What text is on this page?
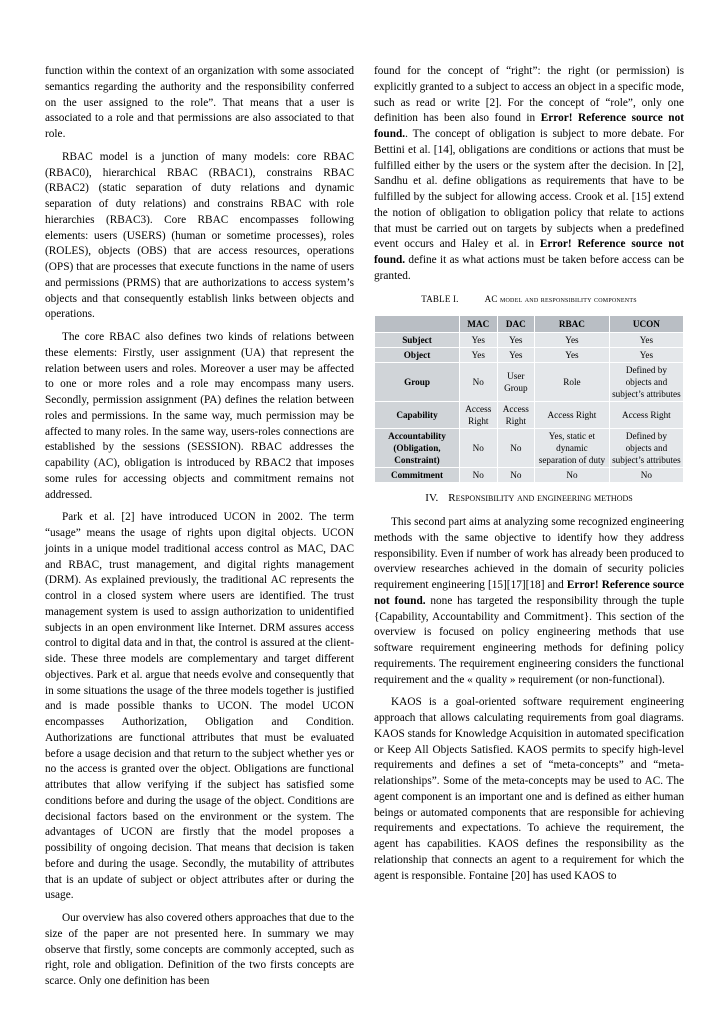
function within the context of an organization with some associated semantics regarding the authority and the responsibility conferred on the user assigned to the role”. That means that a user is associated to a role and that permissions are also associated to that role.

RBAC model is a junction of many models: core RBAC (RBAC0), hierarchical RBAC (RBAC1), constrains RBAC (RBAC2) (static separation of duty relations and dynamic separation of duty relations) and constrains RBAC with role hierarchies (RBAC3). Core RBAC encompasses following elements: users (USERS) (human or sometime processes), roles (ROLES), objects (OBS) that are access resources, operations (OPS) that are processes that execute functions in the name of users and permissions (PRMS) that are authorizations to access system’s objects and that consequently establish links between objects and operations.

The core RBAC also defines two kinds of relations between these elements: Firstly, user assignment (UA) that represent the relation between users and roles. Moreover a user may be affected to one or more roles and a role may encompass many users. Secondly, permission assignment (PA) defines the relation between roles and permissions. In the same way, much permission may be affected to many roles. In the same way, users-roles connections are established by the sessions (SESSION). RBAC addresses the capability (AC), obligation is introduced by RBAC2 that imposes some rules for accessing objects and commitment remains not addressed.

Park et al. [2] have introduced UCON in 2002. The term “usage” means the usage of rights upon digital objects. UCON joints in a unique model traditional access control as MAC, DAC and RBAC, trust management, and digital rights management (DRM). As explained previously, the traditional AC represents the control in a closed system where users are identified. The trust management system is used to assign authorization to unidentified subjects in an open environment like Internet. DRM assures access control to digital data and in that, the control is assured at the client-side. These three models are complementary and target different objectives. Park et al. argue that needs evolve and consequently that in some situations the usage of the three models together is justified and is made possible thanks to UCON. The model UCON encompasses Authorization, Obligation and Condition. Authorizations are functional attributes that must be evaluated before a usage decision and that return to the subject whether yes or no the access is granted over the object. Obligations are functional attributes that allow verifying if the subject has satisfied some conditions before and during the usage of the object. Conditions are decisional factors based on the environment or the system. The advantages of UCON are firstly that the model proposes a possibility of ongoing decision. That means that decision is taken before and during the usage. Secondly, the mutability of attributes that is an update of subject or object attributes after or during the usage.

Our overview has also covered others approaches that due to the size of the paper are not presented here. In summary we may observe that firstly, some concepts are commonly accepted, such as right, role and obligation. Definition of the two firsts concepts are scarce. Only one definition has been

found for the concept of “right”: the right (or permission) is explicitly granted to a subject to access an object in a specific mode, such as read or write [2]. For the concept of “role”, only one definition has been also found in Error! Reference source not found.. The concept of obligation is subject to more debate. For Bettini et al. [14], obligations are conditions or actions that must be fulfilled either by the users or the system after the decision. In [2], Sandhu et al. define obligations as requirements that have to be fulfilled by the subject for allowing access. Crook et al. [15] extend the notion of obligation to obligation policy that relate to actions that must be carried out on targets by subjects when a predefined event occurs and Haley et al. in Error! Reference source not found. define it as what actions must be taken before access can be granted.

TABLE I.	AC model and responsibility components
	MAC	DAC	RBAC	UCON
Subject	Yes	Yes	Yes	Yes
Object	Yes	Yes	Yes	Yes
Group	No	User Group	Role	Defined by objects and subject’s attributes
Capability	Access Right	Access Right	Access Right	Access Right
Accountability (Obligation, Constraint)	No	No	Yes, static et dynamic separation of duty	Defined by objects and subject’s attributes
Commitment	No	No	No	No
IV. Responsibility and engineering methods

This second part aims at analyzing some recognized engineering methods with the same objective to identify how they address responsibility. Even if number of work has already been produced to overview researches achieved in the domain of security policies requirement engineering [15][17][18] and Error! Reference source not found. none has targeted the responsibility through the tuple {Capability, Accountability and Commitment}. This section of the overview is focused on policy engineering methods that use software requirement engineering methods for defining policy requirements. The requirement engineering considers the functional requirement and the « quality » requirement (or non-functional).

KAOS is a goal-oriented software requirement engineering approach that allows calculating requirements from goal diagrams. KAOS stands for Knowledge Acquisition in automated specification or Keep All Objects Satisfied. KAOS permits to specify high-level requirements and defines a set of “meta-concepts” and “meta-relationships”. Some of the meta-concepts may be used to AC. The agent component is an important one and is defined as either human beings or automated components that are responsible for achieving requirements and expectations. To achieve the requirement, the agent has capabilities. KAOS defines the responsibility as the relationship that connects an agent to a requirement for which the agent is responsible. Fontaine [20] has used KAOS to
